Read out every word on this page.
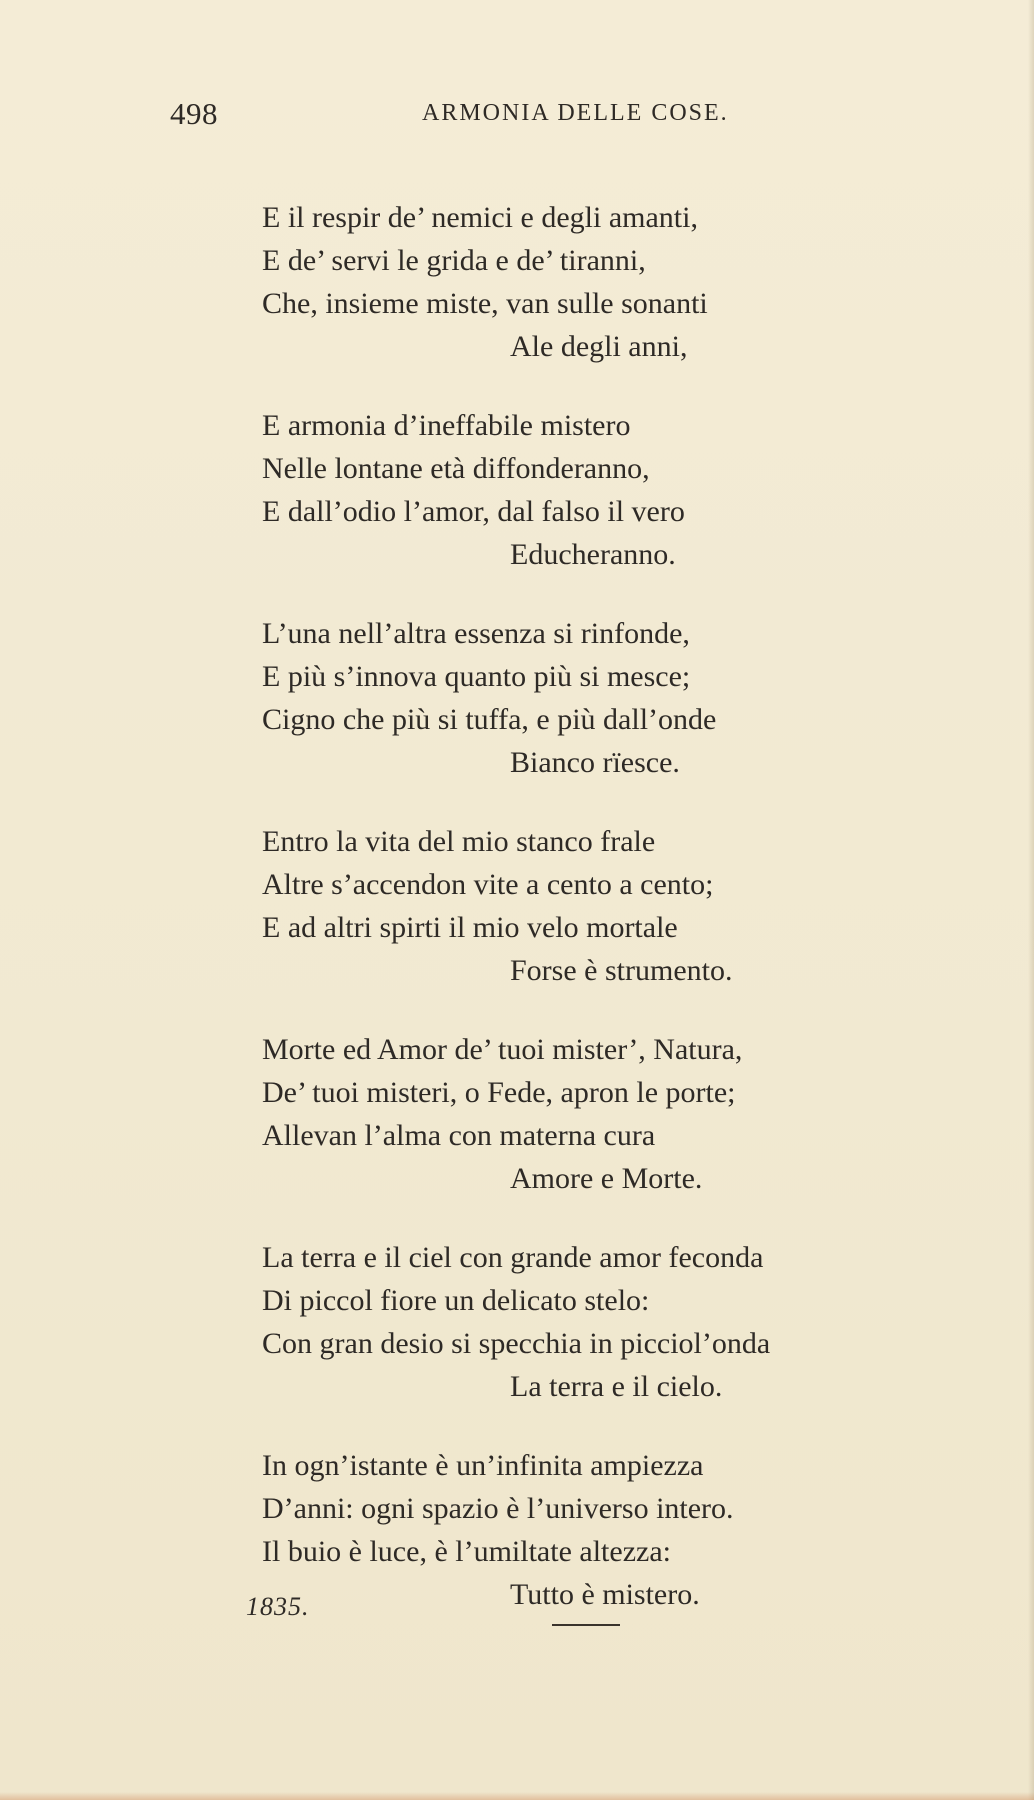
498	ARMONIA DELLE COSE.
E il respir de’ nemici e degli amanti,
E de’ servi le grida e de’ tiranni,
Che, insieme miste, van sulle sonanti
Ale degli anni,
E armonia d’ineffabile mistero
Nelle lontane età diffonderanno,
E dall’odio l’amor, dal falso il vero
Educheranno.
L’una nell’altra essenza si rinfonde,
E più s’innova quanto più si mesce;
Cigno che più si tuffa, e più dall’onde
Bianco rïesce.
Entro la vita del mio stanco frale
Altre s’accendon vite a cento a cento;
E ad altri spirti il mio velo mortale
Forse è strumento.
Morte ed Amor de’ tuoi mister’, Natura,
De’ tuoi misteri, o Fede, apron le porte;
Allevan l’alma con materna cura
Amore e Morte.
La terra e il ciel con grande amor feconda
Di piccol fiore un delicato stelo:
Con gran desio si specchia in picciol’onda
La terra e il cielo.
In ogn’istante è un’infinita ampiezza
D’anni: ogni spazio è l’universo intero.
Il buio è luce, è l’umiltate altezza:
Tutto è mistero.
1835.
